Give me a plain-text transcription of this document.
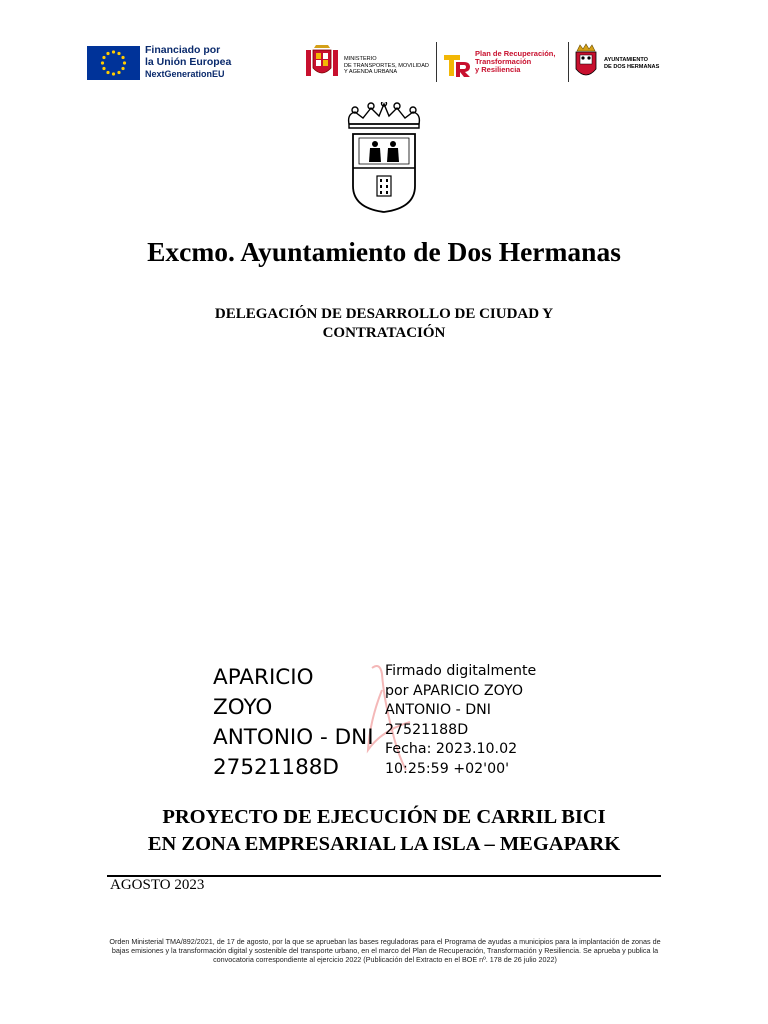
Financiado por
la Unión Europea
NextGenerationEU
MINISTERIO
DE TRANSPORTES, MOVILIDAD
Y AGENDA URBANA
Plan de Recuperación,
Transformación
y Resiliencia
AYUNTAMIENTO
DE DOS HERMANAS
Excmo. Ayuntamiento de Dos Hermanas
DELEGACIÓN DE DESARROLLO DE CIUDAD Y
CONTRATACIÓN
APARICIO
ZOYO
ANTONIO - DNI
27521188D
Firmado digitalmente
por APARICIO ZOYO
ANTONIO - DNI
27521188D
Fecha: 2023.10.02
10:25:59 +02'00'
PROYECTO DE EJECUCIÓN DE CARRIL BICI
EN ZONA EMPRESARIAL LA ISLA – MEGAPARK
AGOSTO 2023
Orden Ministerial TMA/892/2021, de 17 de agosto, por la que se aprueban las bases reguladoras para el Programa de ayudas a municipios para la implantación de zonas de bajas emisiones y la transformación digital y sostenible del transporte urbano, en el marco del Plan de Recuperación, Transformación y Resiliencia. Se aprueba y publica la convocatoria correspondiente al ejercicio 2022 (Publicación del Extracto en el BOE nº. 178 de 26 julio 2022)
